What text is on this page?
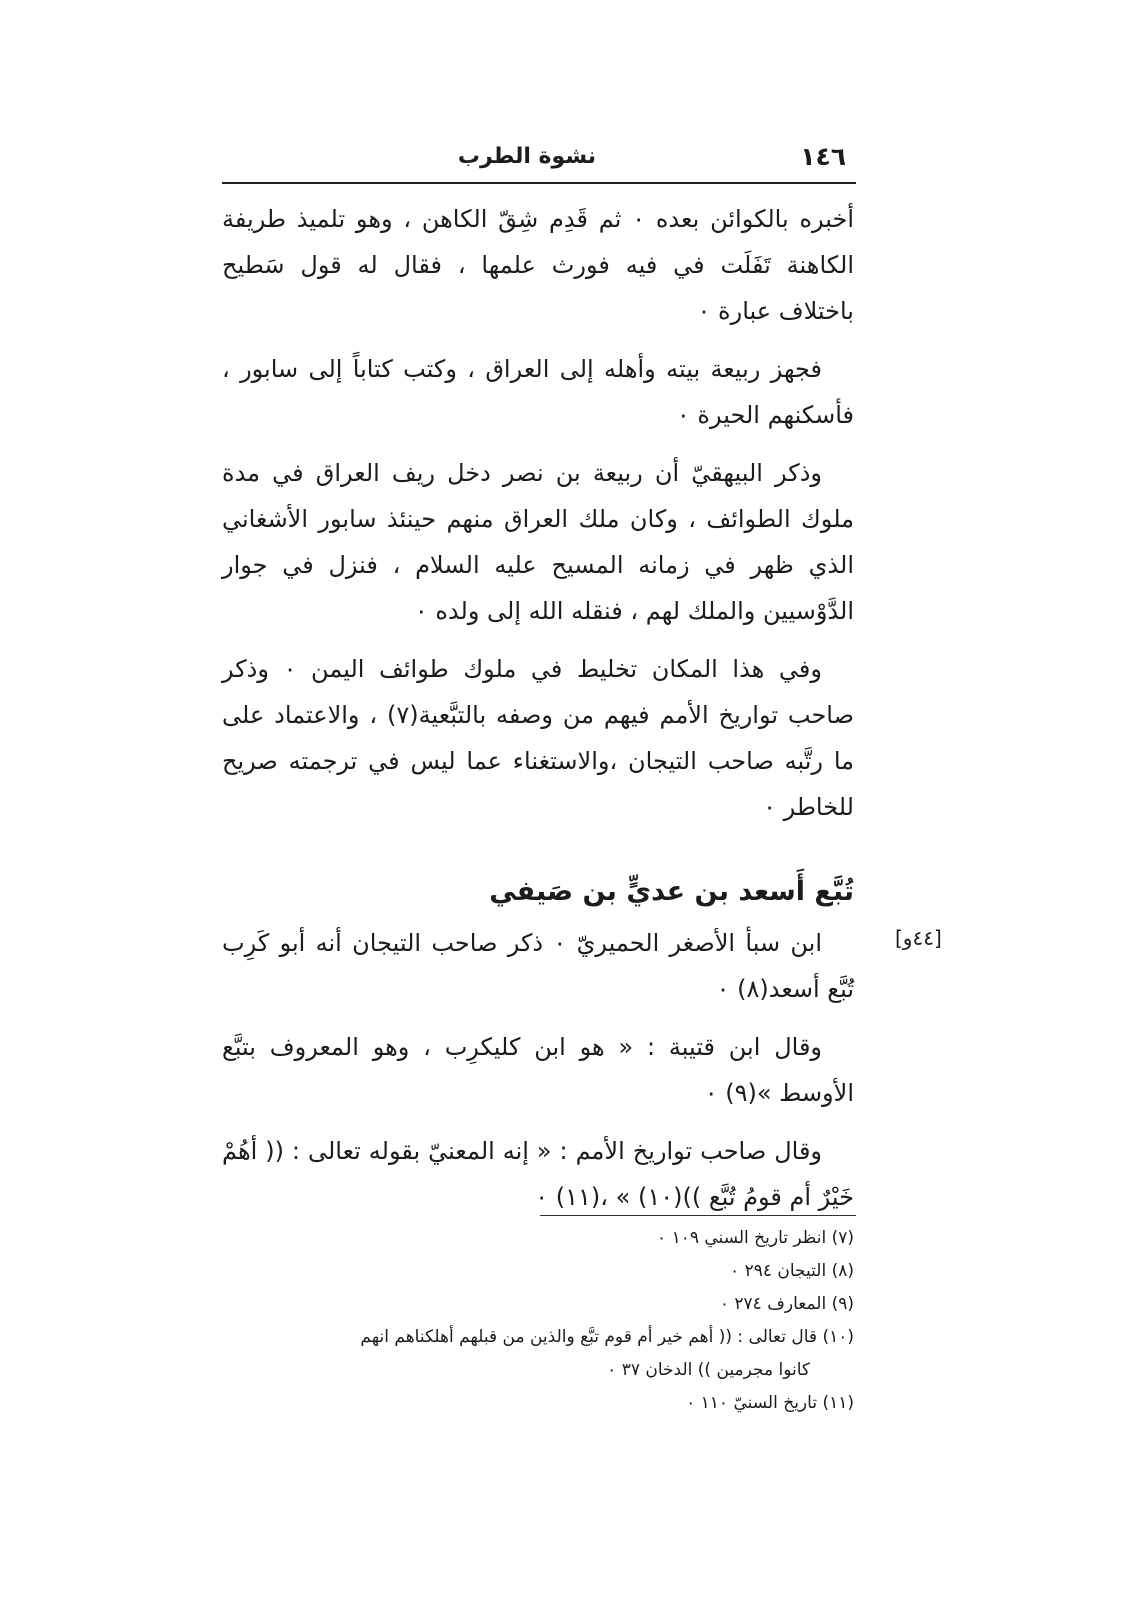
١٤٦
نشوة الطرب
[٤٤و]

أخبره بالكوائن بعده ٠ ثم قَدِم شِقّ الكاهن ، وهو تلميذ طريفة الكاهنة تَفَلَت في فيه فورث علمها ، فقال له قول سَطيح باختلاف عبارة ٠

فجهز ربيعة بيته وأهله إلى العراق ، وكتب كتاباً إلى سابور ، فأسكنهم الحيرة ٠

وذكر البيهقيّ أن ربيعة بن نصر دخل ريف العراق في مدة ملوك الطوائف ، وكان ملك العراق منهم حينئذ سابور الأشغاني الذي ظهر في زمانه المسيح عليه السلام ، فنزل في جوار الدَّوْسيين والملك لهم ، فنقله الله إلى ولده ٠

وفي هذا المكان تخليط في ملوك طوائف اليمن ٠ وذكر صاحب تواريخ الأمم فيهم من وصفه بالتبَّعية(٧) ، والاعتماد على ما رتَّبه صاحب التيجان ،والاستغناء عما ليس في ترجمته صريح للخاطر ٠

تُبَّع أَسعد بن عديٍّ بن صَيفي

ابن سبأ الأصغر الحميريّ ٠ ذكر صاحب التيجان أنه أبو كَرِب تُبَّع أسعد(٨) ٠

وقال ابن قتيبة : « هو ابن كليكرِب ، وهو المعروف بتبَّع الأوسط »(٩) ٠

وقال صاحب تواريخ الأمم : « إنه المعنيّ بقوله تعالى : (( أهُمْ خَيْرٌ أم قومُ تُبَّع ))(١٠) » ،(١١) ٠

(٧) انظر تاريخ السني ١٠٩ ٠

(٨) التيجان ٢٩٤ ٠

(٩) المعارف ٢٧٤ ٠

(١٠) قال تعالى : (( أهم خير أم قوم تبَّع والذين من قبلهم أهلكناهم انهم
كانوا مجرمين )) الدخان ٣٧ ٠

(١١) تاريخ السنيّ ١١٠ ٠
